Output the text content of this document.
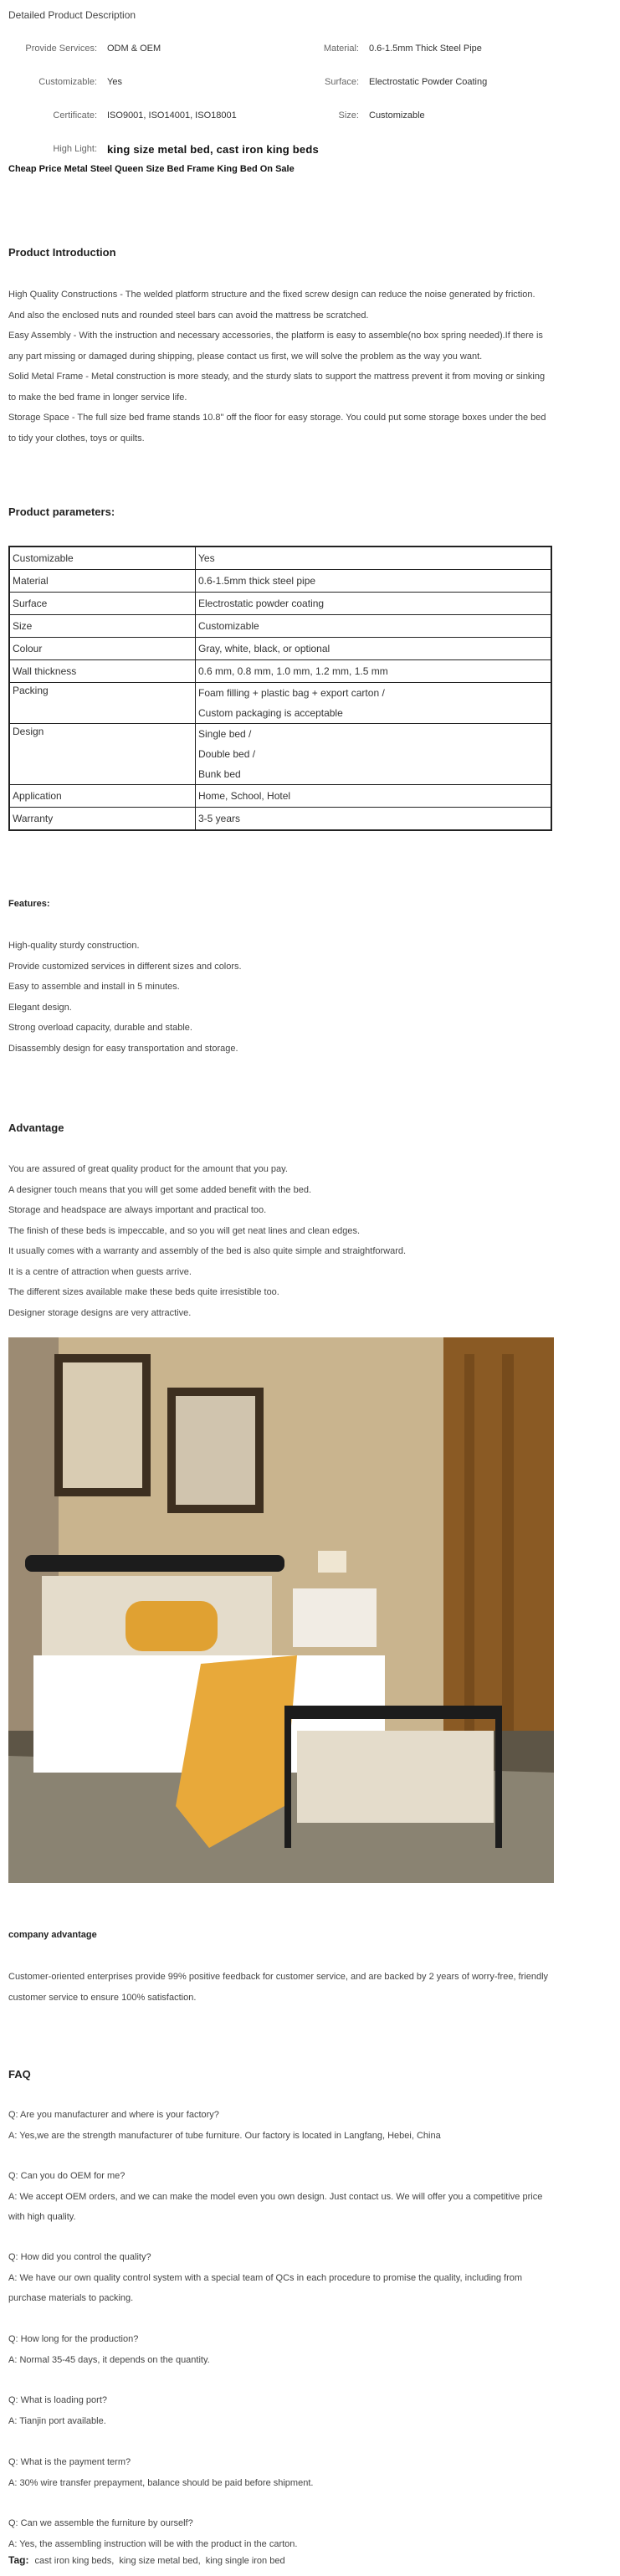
Detailed Product Description
Provide Services:	ODM & OEM	Material:	0.6-1.5mm Thick Steel Pipe
Customizable:	Yes	Surface:	Electrostatic Powder Coating
Certificate:	ISO9001, ISO14001, ISO18001	Size:	Customizable
High Light:	king size metal bed, cast iron king beds		
Cheap Price Metal Steel Queen Size Bed Frame King Bed On Sale
Product Introduction

High Quality Constructions - The welded platform structure and the fixed screw design can reduce the noise generated by friction.

And also the enclosed nuts and rounded steel bars can avoid the mattress be scratched.

Easy Assembly - With the instruction and necessary accessories, the platform is easy to assemble(no box spring needed).If there is

any part missing or damaged during shipping, please contact us first, we will solve the problem as the way you want.

Solid Metal Frame - Metal construction is more steady, and the sturdy slats to support the mattress prevent it from moving or sinking

to make the bed frame in longer service life.

Storage Space - The full size bed frame stands 10.8" off the floor for easy storage. You could put some storage boxes under the bed

to tidy your clothes, toys or quilts.

Product parameters:
Customizable	Yes

Material	0.6-1.5mm thick steel pipe

Surface	Electrostatic powder coating

Size	Customizable

Colour	Gray, white, black, or optional

Wall thickness	0.6 mm, 0.8 mm, 1.0 mm, 1.2 mm, 1.5 mm

Packing	Foam filling + plastic bag + export carton /
Custom packaging is acceptable

Design	Single bed /
Double bed /
Bunk bed

Application	Home, School, Hotel

Warranty	3-5 years
Features:

High-quality sturdy construction.

Provide customized services in different sizes and colors.

Easy to assemble and install in 5 minutes.

Elegant design.

Strong overload capacity, durable and stable.

Disassembly design for easy transportation and storage.

Advantage

You are assured of great quality product for the amount that you pay.

A designer touch means that you will get some added benefit with the bed.

Storage and headspace are always important and practical too.

The finish of these beds is impeccable, and so you will get neat lines and clean edges.

It usually comes with a warranty and assembly of the bed is also quite simple and straightforward.

It is a centre of attraction when guests arrive.

The different sizes available make these beds quite irresistible too.

Designer storage designs are very attractive.

company advantage

Customer-oriented enterprises provide 99% positive feedback for customer service, and are backed by 2 years of worry-free, friendly

customer service to ensure 100% satisfaction.

FAQ

Q: Are you manufacturer and where is your factory?

A: Yes,we are the strength manufacturer of tube furniture. Our factory is located in Langfang, Hebei, China

Q: Can you do OEM for me?

A: We accept OEM orders, and we can make the model even you own design. Just contact us. We will offer you a competitive price

with high quality.

Q: How did you control the quality?

A: We have our own quality control system with a special team of QCs in each procedure to promise the quality, including from

purchase materials to packing.

Q: How long for the production?

A: Normal 35-45 days, it depends on the quantity.

Q: What is loading port?

A: Tianjin port available.

Q: What is the payment term?

A: 30% wire transfer prepayment, balance should be paid before shipment.

Q: Can we assemble the furniture by ourself?

A: Yes, the assembling instruction will be with the product in the carton.

Tag: cast iron king beds,  king size metal bed,  king single iron bed
